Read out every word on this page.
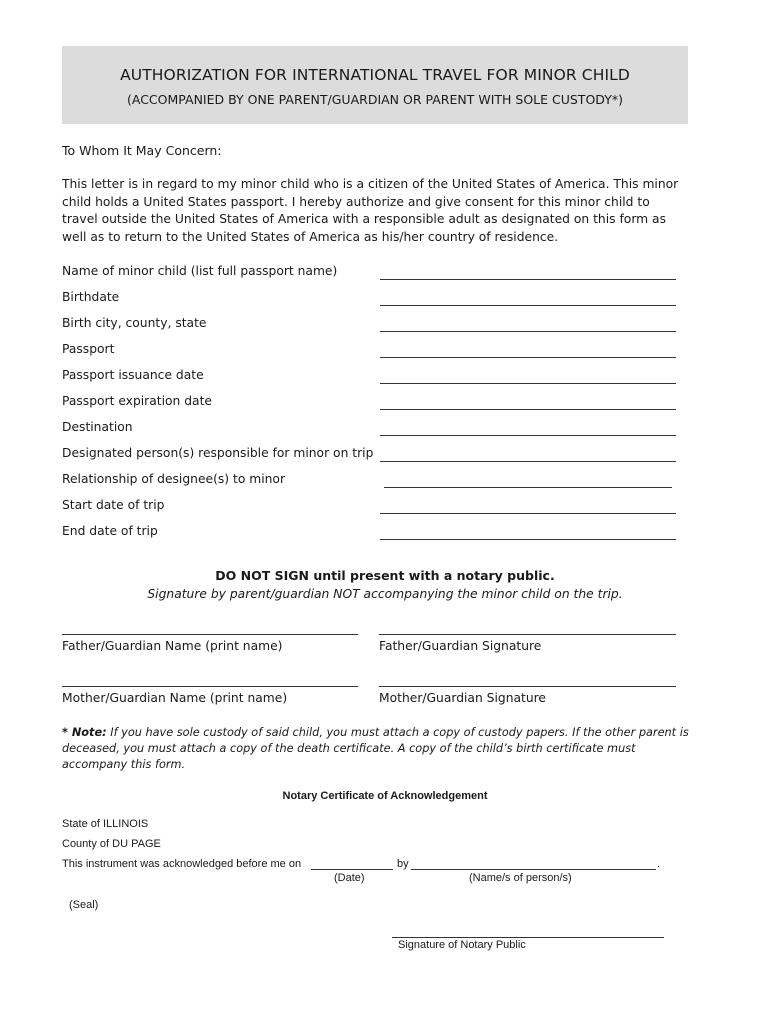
AUTHORIZATION FOR INTERNATIONAL TRAVEL FOR MINOR CHILD
(ACCOMPANIED BY ONE PARENT/GUARDIAN OR PARENT WITH SOLE CUSTODY*)
To Whom It May Concern:
This letter is in regard to my minor child who is a citizen of the United States of America. This minor child holds a United States passport. I hereby authorize and give consent for this minor child to travel outside the United States of America with a responsible adult as designated on this form as well as to return to the United States of America as his/her country of residence.
Name of minor child (list full passport name)
Birthdate
Birth city, county, state
Passport
Passport issuance date
Passport expiration date
Destination
Designated person(s) responsible for minor on trip
Relationship of designee(s) to minor
Start date of trip
End date of trip
DO NOT SIGN until present with a notary public.
Signature by parent/guardian NOT accompanying the minor child on the trip.
Father/Guardian Name (print name)	Father/Guardian Signature
Mother/Guardian Name (print name)	Mother/Guardian Signature
* Note: If you have sole custody of said child, you must attach a copy of custody papers. If the other parent is deceased, you must attach a copy of the death certificate. A copy of the child’s birth certificate must accompany this form.
Notary Certificate of Acknowledgement
State of ILLINOIS
County of DU PAGE
This instrument was acknowledged before me on	by	.
(Date)	(Name/s of person/s)
(Seal)
Signature of Notary Public
